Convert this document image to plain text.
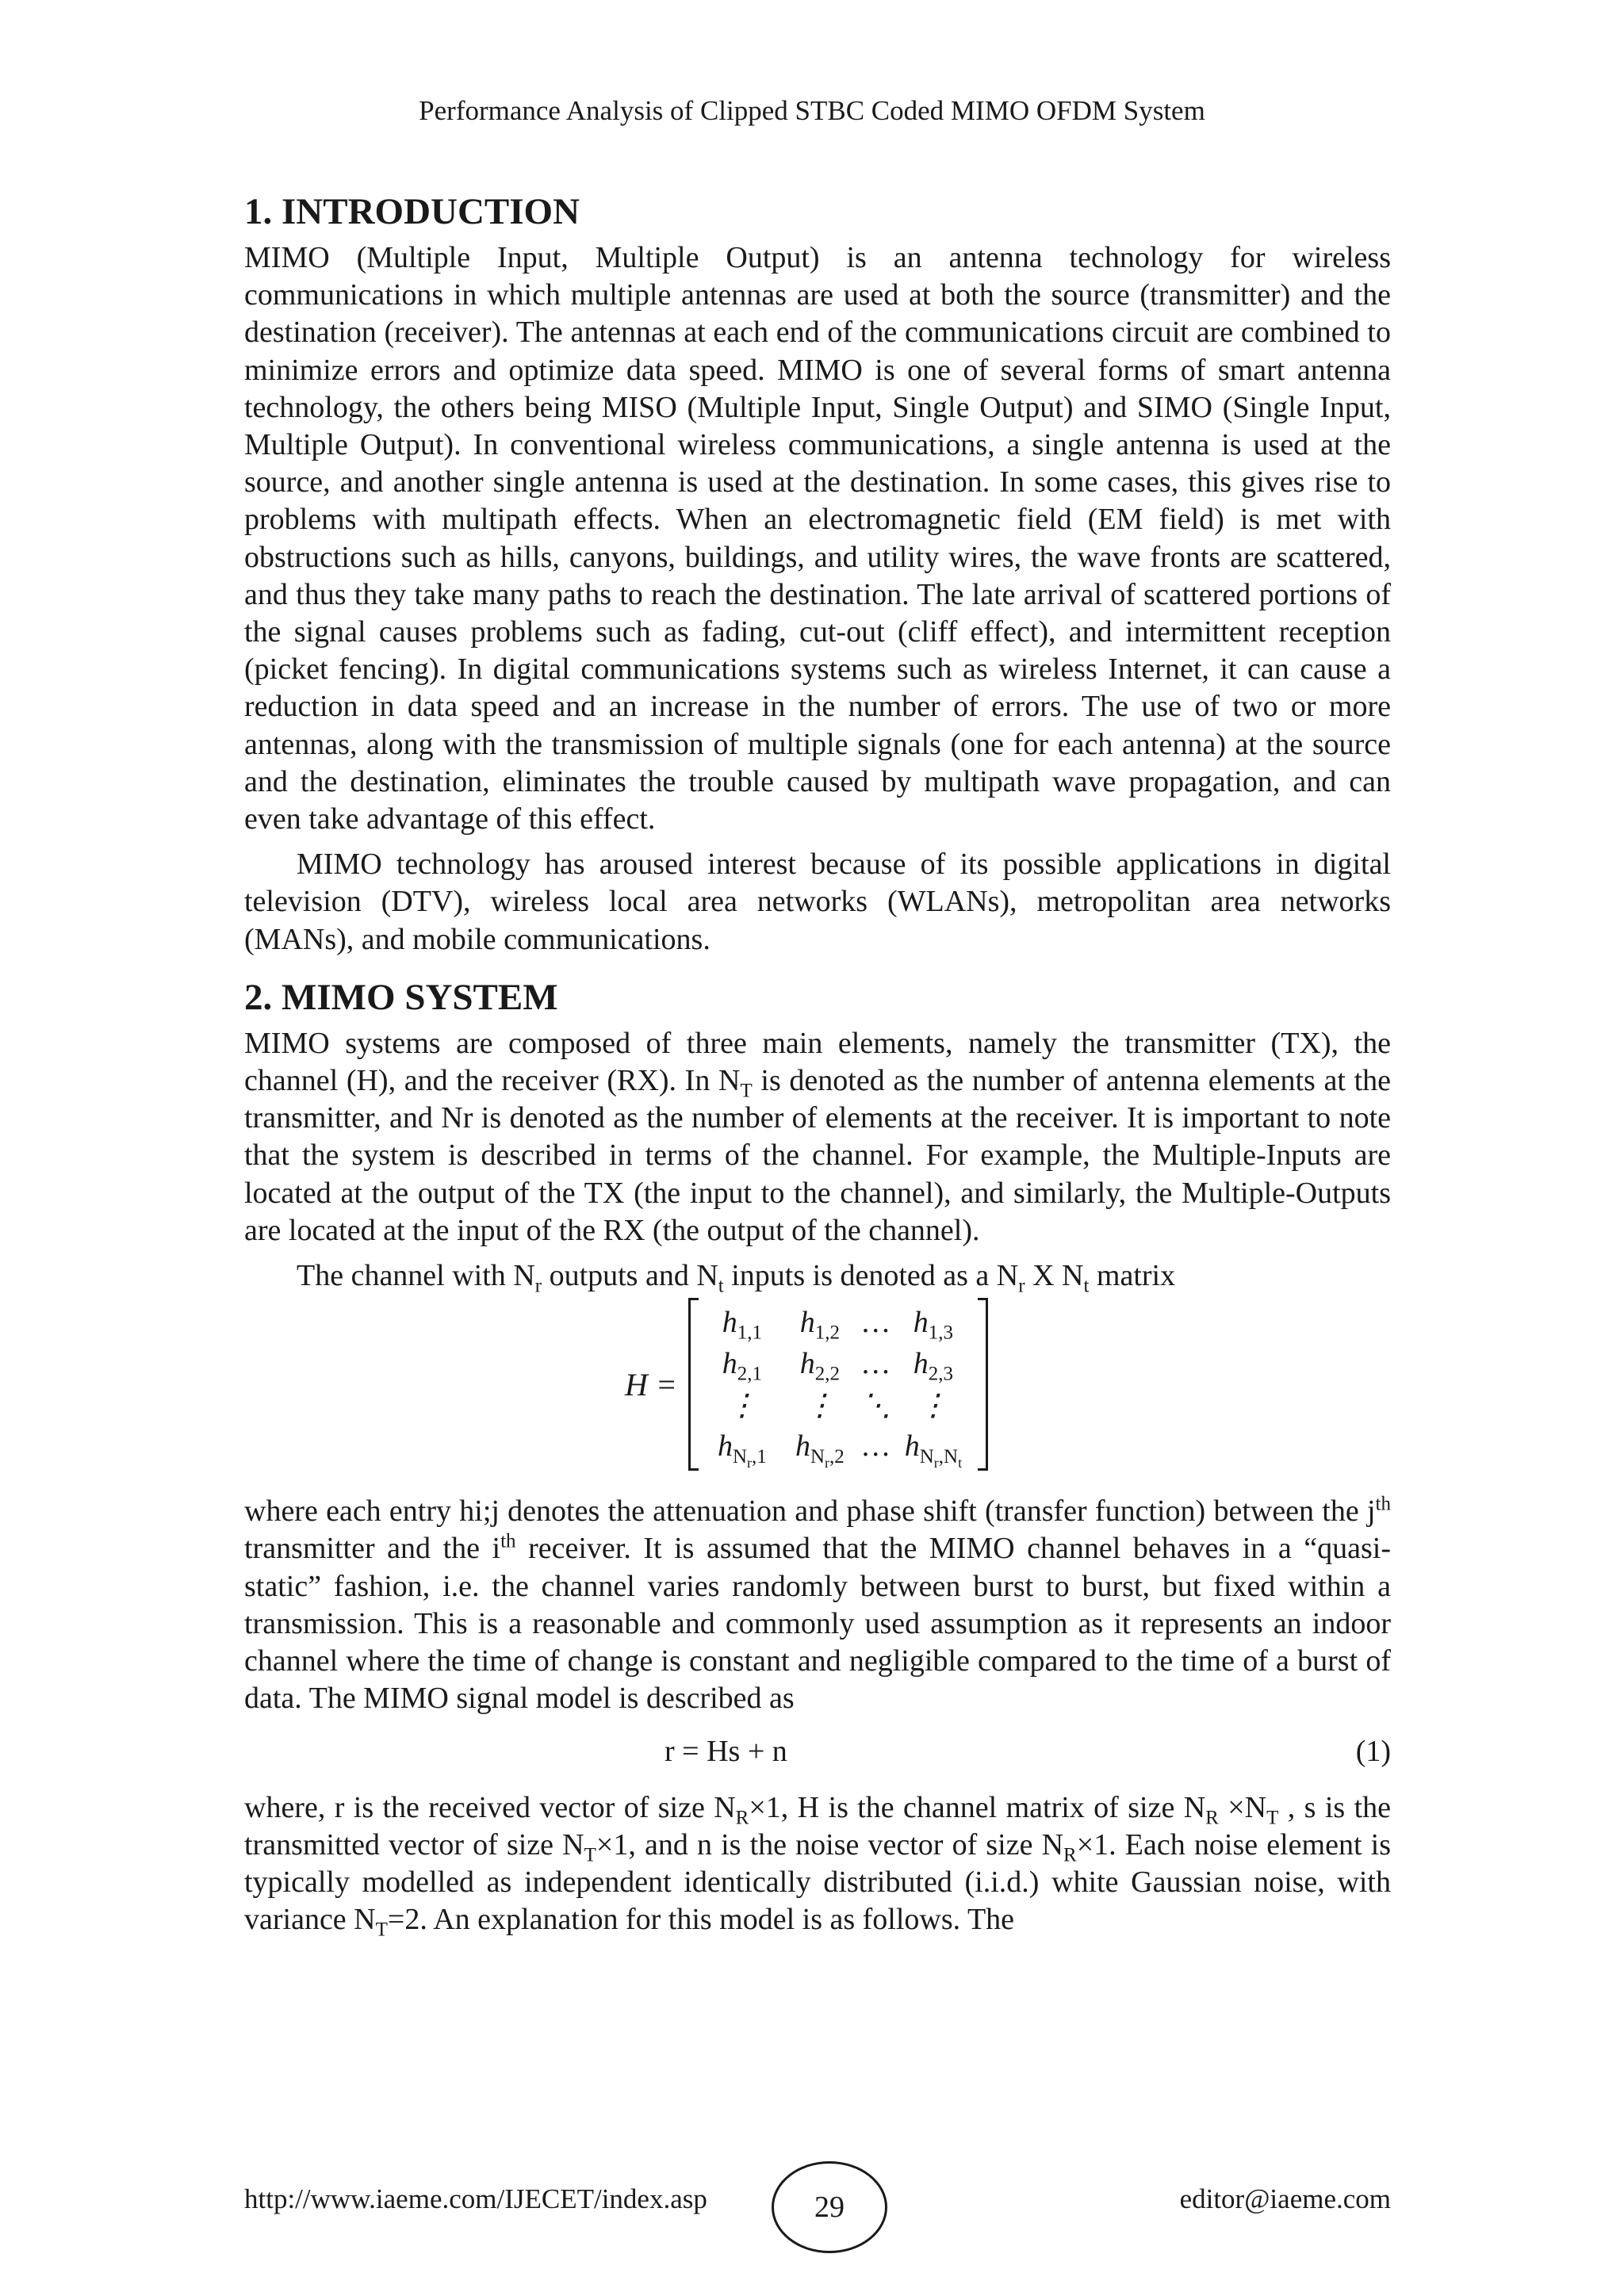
Performance Analysis of Clipped STBC Coded MIMO OFDM System
1. INTRODUCTION

MIMO (Multiple Input, Multiple Output) is an antenna technology for wireless communications in which multiple antennas are used at both the source (transmitter) and the destination (receiver). The antennas at each end of the communications circuit are combined to minimize errors and optimize data speed. MIMO is one of several forms of smart antenna technology, the others being MISO (Multiple Input, Single Output) and SIMO (Single Input, Multiple Output). In conventional wireless communications, a single antenna is used at the source, and another single antenna is used at the destination. In some cases, this gives rise to problems with multipath effects. When an electromagnetic field (EM field) is met with obstructions such as hills, canyons, buildings, and utility wires, the wave fronts are scattered, and thus they take many paths to reach the destination. The late arrival of scattered portions of the signal causes problems such as fading, cut-out (cliff effect), and intermittent reception (picket fencing). In digital communications systems such as wireless Internet, it can cause a reduction in data speed and an increase in the number of errors. The use of two or more antennas, along with the transmission of multiple signals (one for each antenna) at the source and the destination, eliminates the trouble caused by multipath wave propagation, and can even take advantage of this effect.

MIMO technology has aroused interest because of its possible applications in digital television (DTV), wireless local area networks (WLANs), metropolitan area networks (MANs), and mobile communications.

2. MIMO SYSTEM

MIMO systems are composed of three main elements, namely the transmitter (TX), the channel (H), and the receiver (RX). In $N_T$ is denoted as the number of antenna elements at the transmitter, and Nr is denoted as the number of elements at the receiver. It is important to note that the system is described in terms of the channel. For example, the Multiple-Inputs are located at the output of the TX (the input to the channel), and similarly, the Multiple-Outputs are located at the input of the RX (the output of the channel).

The channel with $N_r$ outputs and $N_t$ inputs is denoted as a $N_r$ X $N_t$ matrix

H =
$h_{1,1}$ $h_{1,2}$ … $h_{1,3}$
$h_{2,1}$ $h_{2,2}$ … $h_{2,3}$
⋮ ⋮ ⋱ ⋮
$h_{N_r,1}$ $h_{N_r,2}$ … $h_{N_r,N_t}$

where each entry hi;j denotes the attenuation and phase shift (transfer function) between the $j^{th}$ transmitter and the $i^{th}$ receiver. It is assumed that the MIMO channel behaves in a “quasi-static” fashion, i.e. the channel varies randomly between burst to burst, but fixed within a transmission. This is a reasonable and commonly used assumption as it represents an indoor channel where the time of change is constant and negligible compared to the time of a burst of data. The MIMO signal model is described as

r = Hs + n	(1)

where, r is the received vector of size $N_R\times 1$, H is the channel matrix of size $N_R \times N_T$ , s is the transmitted vector of size $N_T\times 1$, and n is the noise vector of size $N_R\times 1$. Each noise element is typically modelled as independent identically distributed (i.i.d.) white Gaussian noise, with variance $N_T=2$. An explanation for this model is as follows. The

http://www.iaeme.com/IJECET/index.asp	29	editor@iaeme.com
